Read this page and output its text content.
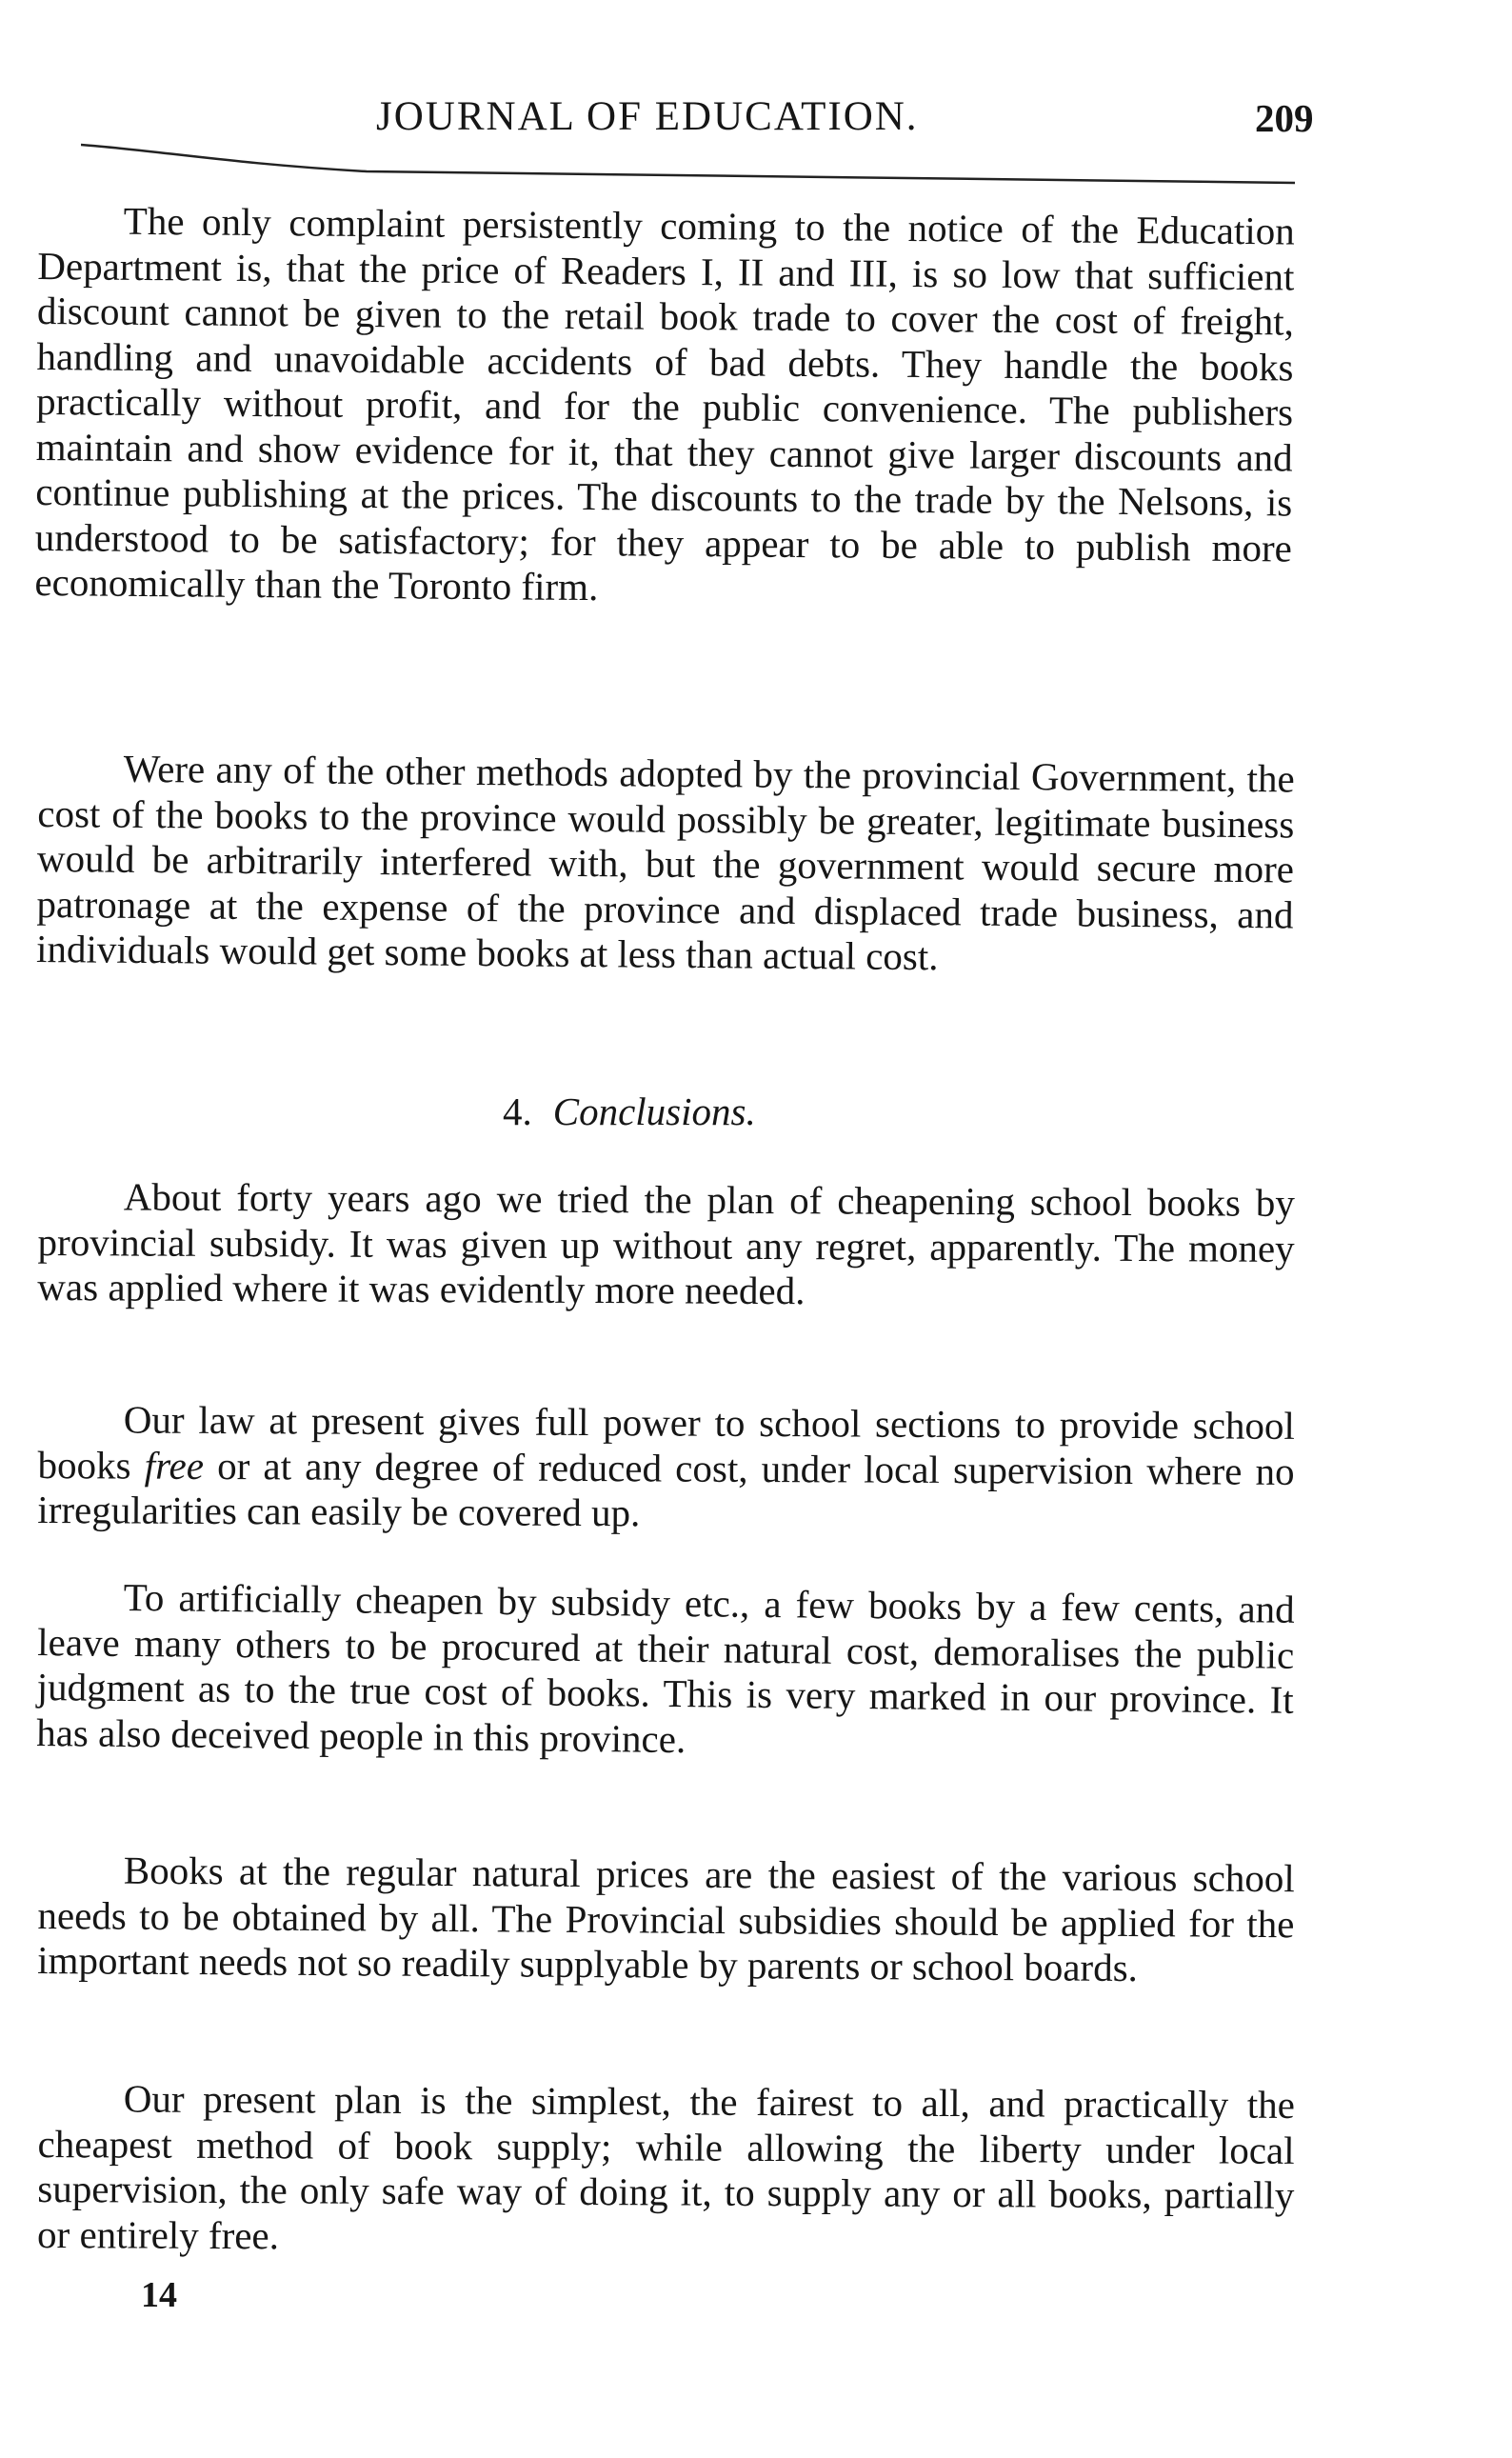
JOURNAL OF EDUCATION.	209

The only complaint persistently coming to the notice of the Education Department is, that the price of Readers I, II and III, is so low that sufficient discount cannot be given to the retail book trade to cover the cost of freight, handling and unavoidable accidents of bad debts. They handle the books practically without profit, and for the public convenience. The publishers maintain and show evidence for it, that they cannot give larger discounts and continue publishing at the prices. The discounts to the trade by the Nelsons, is understood to be satisfactory; for they appear to be able to publish more economically than the Toronto firm.

Were any of the other methods adopted by the provincial Government, the cost of the books to the province would possibly be greater, legitimate business would be arbitrarily interfered with, but the government would secure more patronage at the expense of the province and displaced trade business, and individuals would get some books at less than actual cost.

4. Conclusions.

About forty years ago we tried the plan of cheapening school books by provincial subsidy. It was given up without any regret, apparently. The money was applied where it was evidently more needed.

Our law at present gives full power to school sections to provide school books free or at any degree of reduced cost, under local supervision where no irregularities can easily be covered up.

To artificially cheapen by subsidy etc., a few books by a few cents, and leave many others to be procured at their natural cost, demoralises the public judgment as to the true cost of books. This is very marked in our province. It has also deceived people in this province.

Books at the regular natural prices are the easiest of the various school needs to be obtained by all. The Provincial subsidies should be applied for the important needs not so readily supplyable by parents or school boards.

Our present plan is the simplest, the fairest to all, and practically the cheapest method of book supply; while allowing the liberty under local supervision, the only safe way of doing it, to supply any or all books, partially or entirely free.

14
